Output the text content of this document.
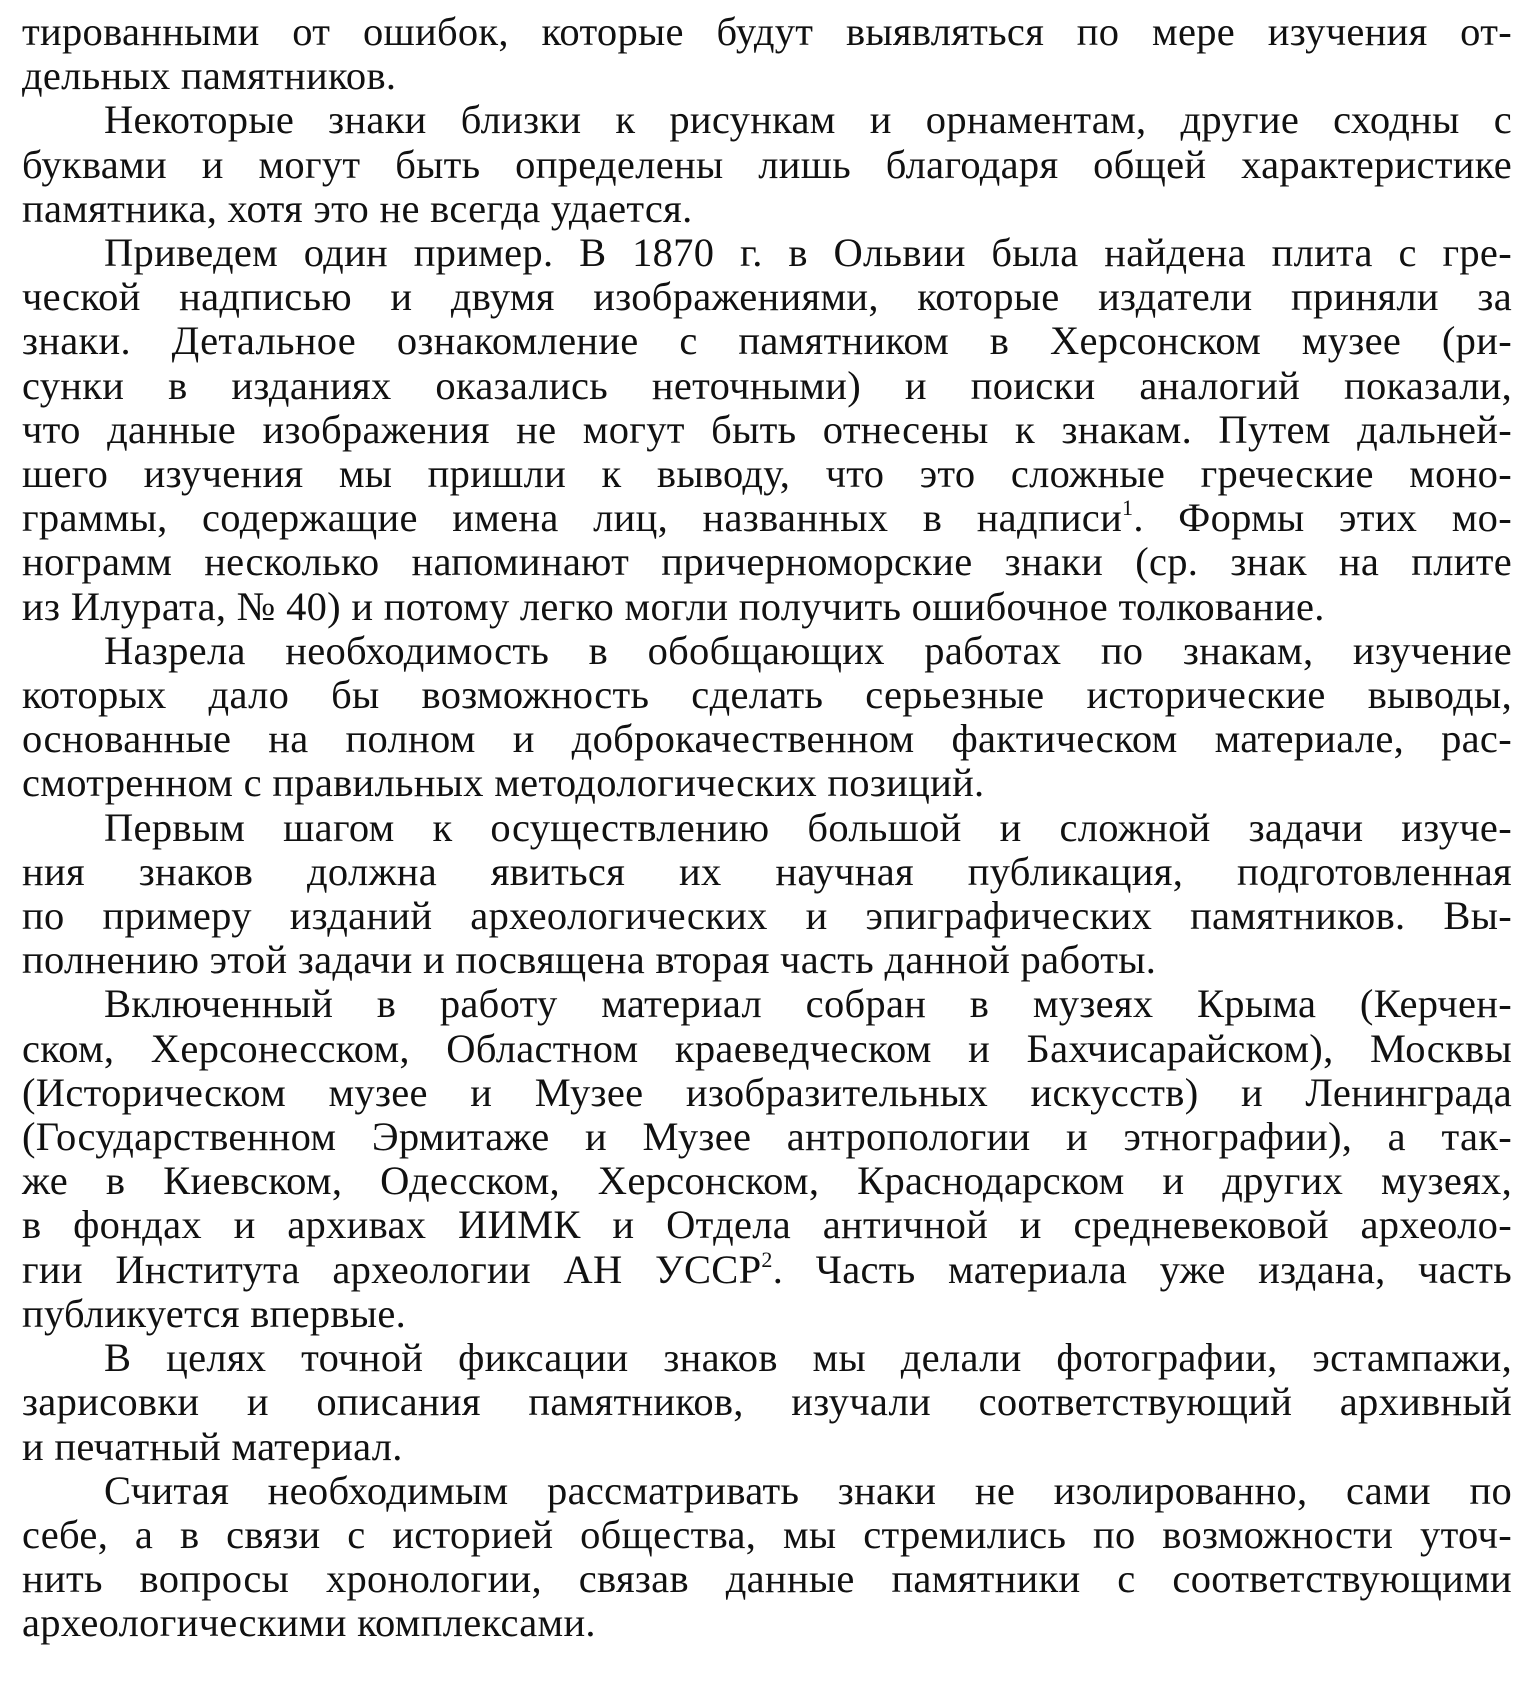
тированными от ошибок, которые будут выявляться по мере изучения от-
дельных памятников.
Некоторые знаки близки к рисункам и орнаментам, другие сходны с
буквами и могут быть определены лишь благодаря общей характеристике
памятника, хотя это не всегда удается.
Приведем один пример. В 1870 г. в Ольвии была найдена плита с гре-
ческой надписью и двумя изображениями, которые издатели приняли за
знаки. Детальное ознакомление с памятником в Херсонском музее (ри-
сунки в изданиях оказались неточными) и поиски аналогий показали,
что данные изображения не могут быть отнесены к знакам. Путем дальней-
шего изучения мы пришли к выводу, что это сложные греческие моно-
граммы, содержащие имена лиц, названных в надписи$^1$. Формы этих мо-
нограмм несколько напоминают причерноморские знаки (ср. знак на плите
из Илурата, № 40) и потому легко могли получить ошибочное толкование.
Назрела необходимость в обобщающих работах по знакам, изучение
которых дало бы возможность сделать серьезные исторические выводы,
основанные на полном и доброкачественном фактическом материале, рас-
смотренном с правильных методологических позиций.
Первым шагом к осуществлению большой и сложной задачи изуче-
ния знаков должна явиться их научная публикация, подготовленная
по примеру изданий археологических и эпиграфических памятников. Вы-
полнению этой задачи и посвящена вторая часть данной работы.
Включенный в работу материал собран в музеях Крыма (Керчен-
ском, Херсонесском, Областном краеведческом и Бахчисарайском), Москвы
(Историческом музее и Музее изобразительных искусств) и Ленинграда
(Государственном Эрмитаже и Музее антропологии и этнографии), а так-
же в Киевском, Одесском, Херсонском, Краснодарском и других музеях,
в фондах и архивах ИИМК и Отдела античной и средневековой археоло-
гии Института археологии АН УССР$^2$. Часть материала уже издана, часть
публикуется впервые.
В целях точной фиксации знаков мы делали фотографии, эстампажи,
зарисовки и описания памятников, изучали соответствующий архивный
и печатный материал.
Считая необходимым рассматривать знаки не изолированно, сами по
себе, а в связи с историей общества, мы стремились по возможности уточ-
нить вопросы хронологии, связав данные памятники с соответствующими
археологическими комплексами.
